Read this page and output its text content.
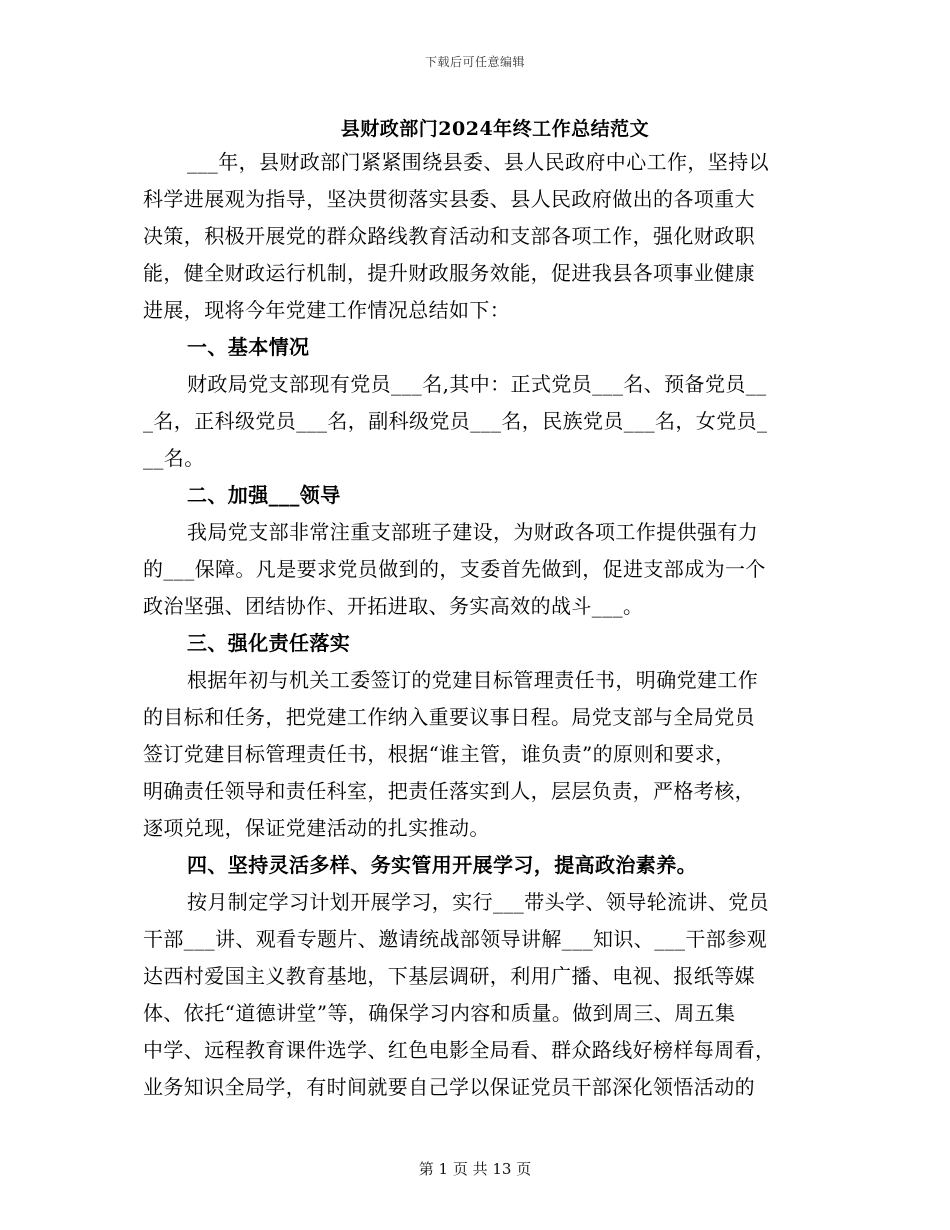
下载后可任意编辑
县财政部门2024年终工作总结范文
___年，县财政部门紧紧围绕县委、县人民政府中心工作，坚持以
科学进展观为指导，坚决贯彻落实县委、县人民政府做出的各项重大
决策，积极开展党的群众路线教育活动和支部各项工作，强化财政职
能，健全财政运行机制，提升财政服务效能，促进我县各项事业健康
进展，现将今年党建工作情况总结如下：
一、基本情况
财政局党支部现有党员___名,其中：正式党员___名、预备党员__
_名，正科级党员___名，副科级党员___名，民族党员___名，女党员_
__名。
二、加强___领导
我局党支部非常注重支部班子建设，为财政各项工作提供强有力
的___保障。凡是要求党员做到的，支委首先做到，促进支部成为一个
政治坚强、团结协作、开拓进取、务实高效的战斗___。
三、强化责任落实
根据年初与机关工委签订的党建目标管理责任书，明确党建工作
的目标和任务，把党建工作纳入重要议事日程。局党支部与全局党员
签订党建目标管理责任书，根据“谁主管，谁负责”的原则和要求，
明确责任领导和责任科室，把责任落实到人，层层负责，严格考核，
逐项兑现，保证党建活动的扎实推动。
四、坚持灵活多样、务实管用开展学习，提高政治素养。
按月制定学习计划开展学习，实行___带头学、领导轮流讲、党员
干部___讲、观看专题片、邀请统战部领导讲解___知识、___干部参观
达西村爱国主义教育基地，下基层调研，利用广播、电视、报纸等媒
体、依托“道德讲堂”等，确保学习内容和质量。做到周三、周五集
中学、远程教育课件选学、红色电影全局看、群众路线好榜样每周看，
业务知识全局学，有时间就要自己学以保证党员干部深化领悟活动的
第 1 页 共 13 页
